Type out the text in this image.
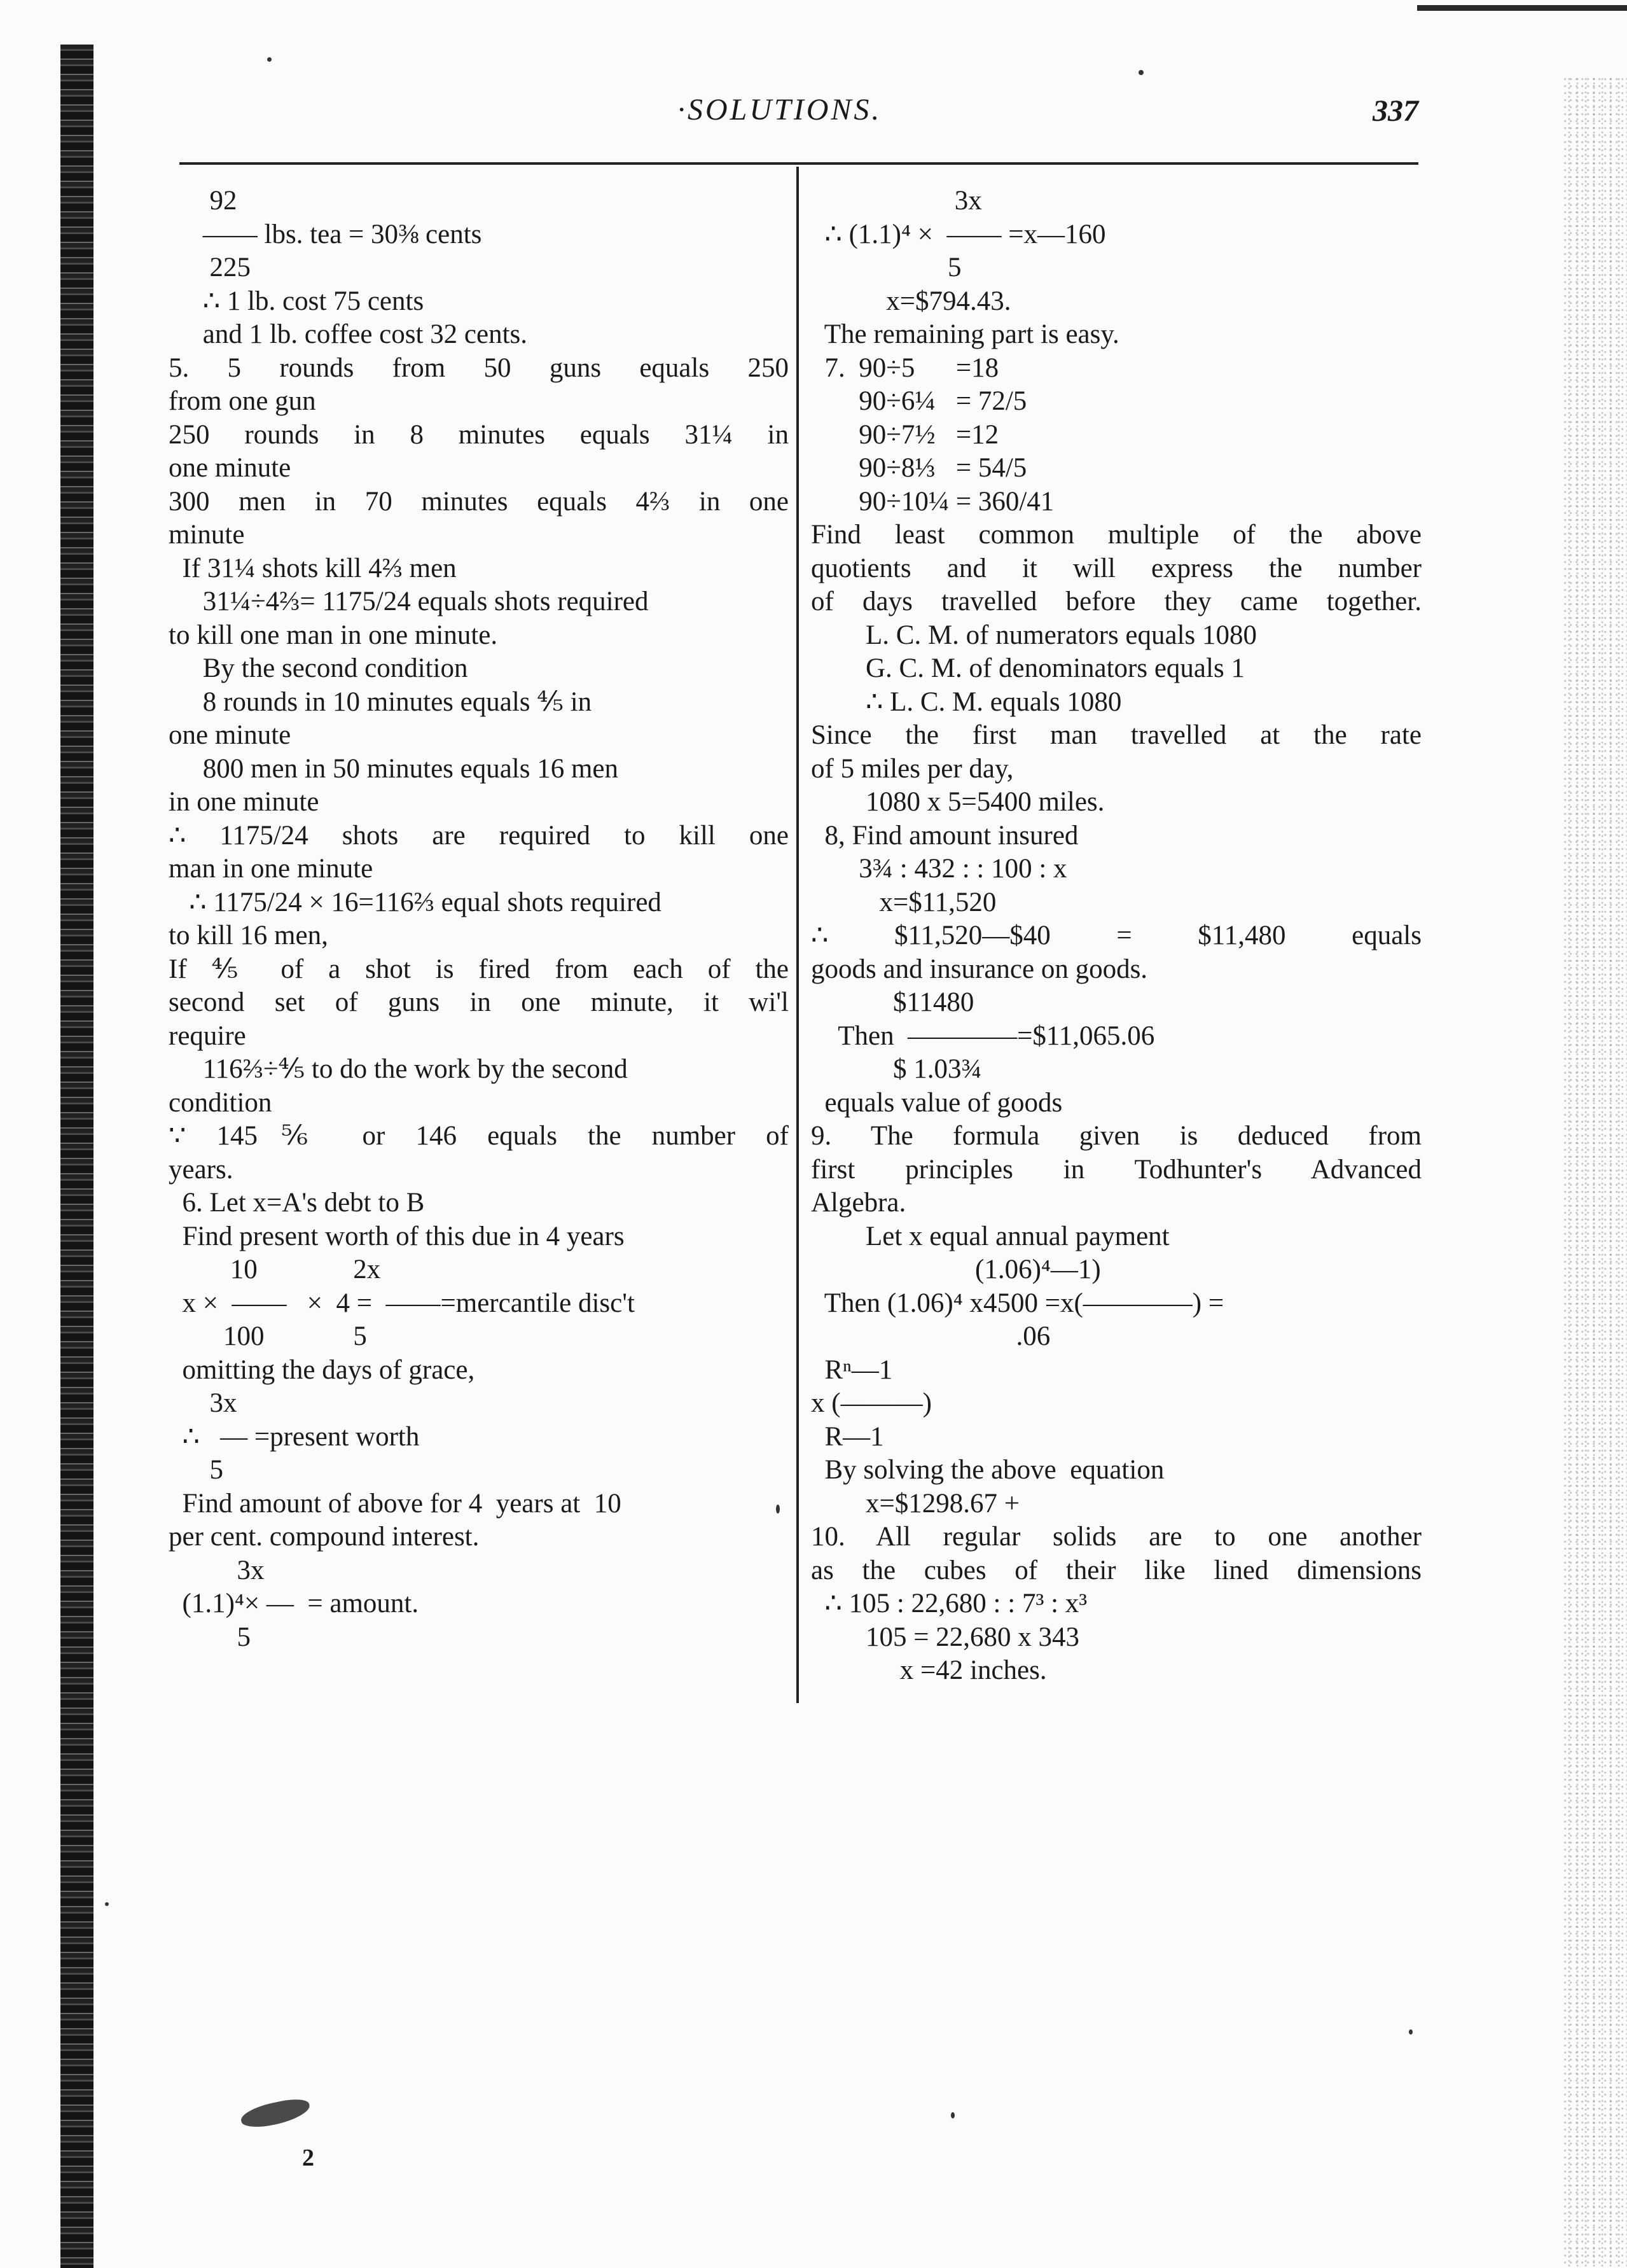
·SOLUTIONS.	337
92
—— lbs. tea = 30⅜ cents
225
∴ 1 lb. cost 75 cents
and 1 lb. coffee cost 32 cents.
5. 5 rounds from 50 guns equals 250
from one gun
250 rounds in 8 minutes equals 31¼ in
one minute
300 men in 70 minutes equals 4⅔ in one
minute
If 31¼ shots kill 4⅔ men
31¼÷4⅔= 1175/24 equals shots required
to kill one man in one minute.
By the second condition
8 rounds in 10 minutes equals ⅘ in
one minute
800 men in 50 minutes equals 16 men
in one minute
∴ 1175/24 shots are required to kill one
man in one minute
∴ 1175/24 × 16=116⅔ equal shots required
to kill 16 men,
If ⅘ of a shot is fired from each of the
second set of guns in one minute, it wi'l
require
116⅔÷⅘ to do the work by the second
condition
∵ 145⅚ or 146 equals the number of
years.
6. Let x=A's debt to B
Find present worth of this due in 4 years
10              2x
x ×  ——   ×  4 =  ——=mercantile disc't
100             5
omitting the days of grace,
3x
∴   — =present worth
5
Find amount of above for 4  years at  10
per cent. compound interest.
3x
(1.1)⁴× —  = amount.
5
3x
∴ (1.1)⁴ ×  —— =x—160
5
x=$794.43.
The remaining part is easy.
7.  90÷5      =18
90÷6¼   = 72/5
90÷7½   =12
90÷8⅓   = 54/5
90÷10¼ = 360/41
Find least common multiple of the above
quotients and it will express the number
of days travelled before they came together.
L. C. M. of numerators equals 1080
G. C. M. of denominators equals 1
∴ L. C. M. equals 1080
Since the first man travelled at the rate
of 5 miles per day,
1080 x 5=5400 miles.
8, Find amount insured
3¾ : 432 : : 100 : x
x=$11,520
∴ $11,520—$40 = $11,480 equals
goods and insurance on goods.
$11480
Then  ————=$11,065.06
$ 1.03¾
equals value of goods
9. The formula given is deduced from
first principles in Todhunter's Advanced
Algebra.
Let x equal annual payment
(1.06)⁴—1)
Then (1.06)⁴ x4500 =x(————) =
.06
Rⁿ—1
x (———)
R—1
By solving the above  equation
x=$1298.67 +
10. All regular solids are to one another
as the cubes of their like lined dimensions
∴ 105 : 22,680 : : 7³ : x³
105 = 22,680 x 343
x =42 inches.
2
